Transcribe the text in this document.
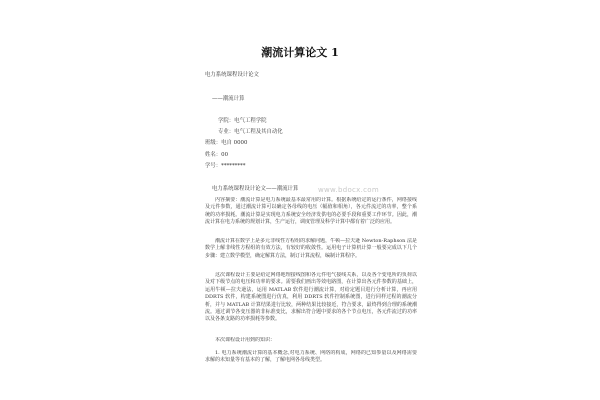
潮流计算论文 1
电力系统课程设计论文
——潮流计算
学院：电气工程学院
专业：电气工程及其自动化
班级：电自 0000
姓名：00
学号：*********
电力系统课程设计论文——潮流计算	www.bdocx.com
内容摘要：潮流计算是电力系统最基本最常用的计算。根据系统给定的运行条件，网络接线及元件参数，通过潮流计算可以确定各母线的电压（幅值和相角），各元件流过的功率，整个系统的功率损耗。潮流计算是实现电力系统安全经济发供电的必要手段和重要工作环节。因此，潮流计算在电力系统的规划计算，生产运行，调度管理及科学计算中都有着广泛的应用。
潮流计算在数学上是多元非线性方程组的求解问题，牛顿—拉夫逊 Newton-Raphson 法是数学上解非线性方程组的有效方法，有较好的收敛性。运用电子计算机计算一般要完成以下几个步骤：建立数学模型，确定解算方法，制订计算流程，编制计算程序。
这次课程设计主要是给定网络地理接线图和各元件电气接线关系，以及各个变电所的负荷以及对下级节点的电压和功率的要求。需要我们画出等效电路图，在计算出各元件参数的基础上，运用牛顿—拉夫逊法，运用 MATLAB 软件进行潮流计算，对给定题目进行分析计算，再应用 DDRTS 软件，构建系统图进行仿真，利用 DDRTS 软件控制系统图，进行同样过程的潮流分析，并与 MATLAB 计算结果进行比较，两种结果比较接近，符合要求，最终得到合理的系统潮流。通过调节各变压器的非标准变比，求解出符合题中要求的各个节点电压，各元件流过的功率以及各条支路的功率损耗等参数。
本次课程设计用到的知识：
1. 电力系统潮流计算的基本概念,对电力系统、网络的构成，网络的已知参量以及网络需要求解的未知量等有基本的了解，了解电网各母线类型。
